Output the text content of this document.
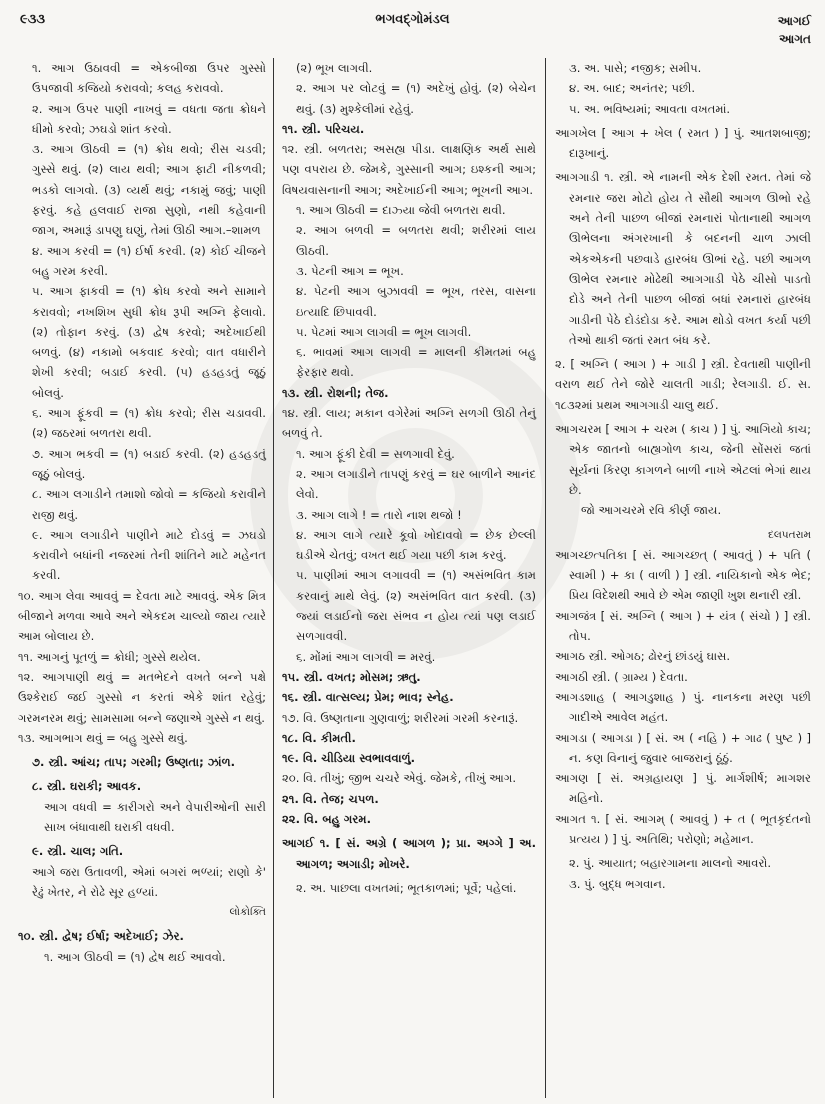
૯૩૩	ભગવદ્ગોમંડલ	આગઈ
આગત

૧. આગ ઉઠાવવી = એકબીજા ઉપર ગુસ્સો ઉપજાવી કજિયો કરાવવો; કલહ કરાવવો.

૨. આગ ઉપર પાણી નાખવું = વધતા જતા ક્રોધને ધીમો કરવો; ઝઘડો શાંત કરવો.

૩. આગ ઊઠવી = (૧) ક્રોધ થવો; રીસ ચડવી; ગુસ્સે થવું. (૨) લાય થવી; આગ ફાટી નીકળવી; ભડકો લાગવો. (૩) વ્યર્થ થવું; નકામું જવું; પાણી ફરવું. કહે હલવાઈ રાજા સુણો, નથી કહેવાની જાગ, અમારૂં ડાપણુ ઘણું, તેમાં ઊઠી આગ.–શામળ

૪. આગ કરવી = (૧) ઈર્ષા કરવી. (૨) કોઈ ચીજને બહુ ગરમ કરવી.

૫. આગ ફાકવી = (૧) ક્રોધ કરવો અને સામાને કરાવવો; નખશિખ સુધી ક્રોધ રૂપી અગ્નિ ફેલાવો. (૨) તોફાન કરવું. (૩) દ્વેષ કરવો; અદેખાઈથી બળવું. (૪) નકામો બકવાદ કરવો; વાત વધારીને શેખી કરવી; બડાઈ કરવી. (૫) હડહડતું જૂઠું બોલવું.

૬. આગ ફૂંકવી = (૧) ક્રોધ કરવો; રીસ ચડાવવી. (૨) જઠરમાં બળતરા થવી.

૭. આગ ભકવી = (૧) બડાઈ કરવી. (૨) હડહડતું જૂઠું બોલવું.

૮. આગ લગાડીને તમાશો જોવો = કજિયો કરાવીને રાજી થવું.

૯. આગ લગાડીને પાણીને માટે દોડવું = ઝઘડો કરાવીને બધાંની નજરમાં તેની શાંતિને માટે મહેનત કરવી.

૧૦. આગ લેવા આવવું = દેવતા માટે આવવું. એક મિત્ર બીજાને મળવા આવે અને એકદમ ચાલ્યો જાય ત્યારે આમ બોલાય છે.

૧૧. આગનું પૂતળું = ક્રોધી; ગુસ્સે થયેલ.

૧૨. આગપાણી થવું = મતભેદને વખતે બન્ને પક્ષે ઉશ્કેરાઈ જઈ ગુસ્સો ન કરતાં એકે શાંત રહેવું; ગરમનરમ થવું; સામસામા બન્ને જણાએ ગુસ્સે ન થવું.

૧૩. આગભાગ થવું = બહુ ગુસ્સે થવું.

૭. સ્ત્રી. આંચ; તાપ; ગરમી; ઉષ્ણતા; ઝાંળ.

૮. સ્ત્રી. ઘરાકી; આવક.

આગ વધવી = કારીગરો અને વેપારીઓની સારી સાખ બંધાવાથી ઘરાકી વધવી.

૯. સ્ત્રી. ચાલ; ગતિ.

આગે જરા ઉતાવળી, એમાં બગરાં ભળ્યાં; રાણો કે' રેઢું ખેતર, ને રોઢે સૂર હળ્યાં.

લોકોક્તિ

૧૦. સ્ત્રી. દ્વેષ; ઈર્ષા; અદેખાઈ; ઝેર.

૧. આગ ઊઠવી = (૧) દ્વેષ થઈ આવવો.

(૨) ભૂખ લાગવી.

૨. આગ પર લોટવું = (૧) અદેખું હોવું. (૨) બેચેન થવું. (૩) મુશ્કેલીમાં રહેવું.

૧૧. સ્ત્રી. પરિચય.

૧૨. સ્ત્રી. બળતરા; અસહ્ય પીડા. લાક્ષણિક અર્થ સાથે પણ વપરાય છે. જેમકે, ગુસ્સાની આગ; ઇશ્કની આગ; વિષયવાસનાની આગ; અદેખાઈની આગ; ભૂખની આગ.

૧. આગ ઊઠવી = દાઝ્યા જેવી બળતરા થવી.

૨. આગ બળવી = બળતરા થવી; શરીરમાં લાય ઊઠવી.

૩. પેટની આગ = ભૂખ.

૪. પેટની આગ બુઝાવવી = ભૂખ, તરસ, વાસના ઇત્યાદિ છિપાવવી.

૫. પેટમાં આગ લાગવી = ભૂખ લાગવી.

૬. ભાવમાં આગ લાગવી = માલની કીમતમાં બહુ ફેરફાર થવો.

૧૩. સ્ત્રી. રોશની; તેજ.

૧૪. સ્ત્રી. લાય; મકાન વગેરેમાં અગ્નિ સળગી ઊઠી તેનું બળવું તે.

૧. આગ ફૂંકી દેવી = સળગાવી દેવું.

૨. આગ લગાડીને તાપણું કરવું = ઘર બાળીને આનંદ લેવો.

૩. આગ લાગે ! = તારો નાશ થજો !

૪. આગ લાગે ત્યારે કૂવો ખોદાવવો = છેક છેલ્લી ઘડીએ ચેતવું; વખત થઈ ગયા પછી કામ કરવું.

૫. પાણીમાં આગ લગાવવી = (૧) અસંભવિત કામ કરવાનું માથે લેવું. (૨) અસંભવિત વાત કરવી. (૩) જ્યાં લડાઈનો જરા સંભવ ન હોય ત્યાં પણ લડાઈ સળગાવવી.

૬. મોંમાં આગ લાગવી = મરવું.

૧૫. સ્ત્રી. વખત; મોસમ; ઋતુ.

૧૬. સ્ત્રી. વાત્સલ્ય; પ્રેમ; ભાવ; સ્નેહ.

૧૭. વિ. ઉષ્ણતાના ગુણવાળું; શરીરમાં ગરમી કરનારૂં.

૧૮. વિ. કીમતી.

૧૯. વિ. ચીડિયા સ્વભાવવાળું.

૨૦. વિ. તીખું; જીભ ચચરે એવું. જેમકે, તીખું આગ.

૨૧. વિ. તેજ; ચપળ.

૨૨. વિ. બહુ ગરમ.

આગઈ ૧. [ સં. અગ્રે ( આગળ ); પ્રા. અગ્ગે ] અ. આગળ; અગાડી; મોખરે.

૨. અ. પાછલા વખતમાં; ભૂતકાળમાં; પૂર્વે; પહેલાં.

૩. અ. પાસે; નજીક; સમીપ.

૪. અ. બાદ; અનંતર; પછી.

૫. અ. ભવિષ્યમાં; આવતા વખતમાં.

આગખેલ [ આગ + ખેલ ( રમત ) ] પું. આતશબાજી; દારૂખાનું.

આગગાડી ૧. સ્ત્રી. એ નામની એક દેશી રમત. તેમાં જે રમનાર જરા મોટો હોય તે સૌથી આગળ ઊભો રહે અને તેની પાછળ બીજાં રમનારાં પોતાનાથી આગળ ઊભેલના અંગરખાની કે બદનની ચાળ ઝાલી એકએકની પછવાડે હારબંધ ઊભાં રહે. પછી આગળ ઊભેલ રમનાર મોઢેથી આગગાડી પેઠે ચીસો પાડતો દોડે અને તેની પાછળ બીજાં બધાં રમનારાં હારબંધ ગાડીની પેઠે દોડંદોડા કરે. આમ થોડો વખત કર્યા પછી તેઓ થાકી જતાં રમત બંધ કરે.

૨. [ અગ્નિ ( આગ ) + ગાડી ] સ્ત્રી. દેવતાથી પાણીની વરાળ થઈ તેને જોરે ચાલતી ગાડી; રેલગાડી. ઈ. સ. ૧૮૩૨માં પ્રથમ આગગાડી ચાલુ થઈ.

આગચરમ [ આગ + ચરમ ( કાચ ) ] પું. આગિયો કાચ; એક જાતનો બાહ્યગોળ કાચ, જેની સોંસરાં જતાં સૂર્યનાં કિરણ કાગળને બાળી નાખે એટલાં ભેગાં થાય છે.

જો આગચરમે રવિ કીર્ણ જાય.

દલપતરામ

આગચ્છત્પતિકા [ સં. આગચ્છત્ ( આવતું ) + પતિ ( સ્વામી ) + કા ( વાળી ) ] સ્ત્રી. નાયિકાનો એક ભેદ; પ્રિય વિદેશથી આવે છે એમ જાણી ખુશ થનારી સ્ત્રી.

આગજંત્ર [ સં. અગ્નિ ( આગ ) + યંત્ર ( સંચો ) ] સ્ત્રી. તોપ.

આગઠ સ્ત્રી. ઓગઠ; ઢોરનું છાંડયું ઘાસ.

આગઠી સ્ત્રી. ( ગ્રામ્ય ) દેવતા.

આગડશાહ ( આગડુશાહ ) પું. નાનકના મરણ પછી ગાદીએ આવેલ મહંત.

આગડા ( આગડા ) [ સં. અ ( નહિ ) + ગાઢ ( પુષ્ટ ) ] ન. કણ વિનાનું જુવાર બાજરાનું ઠૂંઠું.

આગણ [ સં. અગ્રહાયણ ] પું. માર્ગશીર્ષ; માગશર મહિનો.

આગત ૧. [ સં. આગમ્ ( આવવું ) + ત ( ભૂતકૃદંતનો પ્રત્યય ) ] પું. અતિથિ; પરોણો; મહેમાન.

૨. પું. આયાત; બહારગામના માલનો આવરો.

૩. પું. બુદ્ધ ભગવાન.
